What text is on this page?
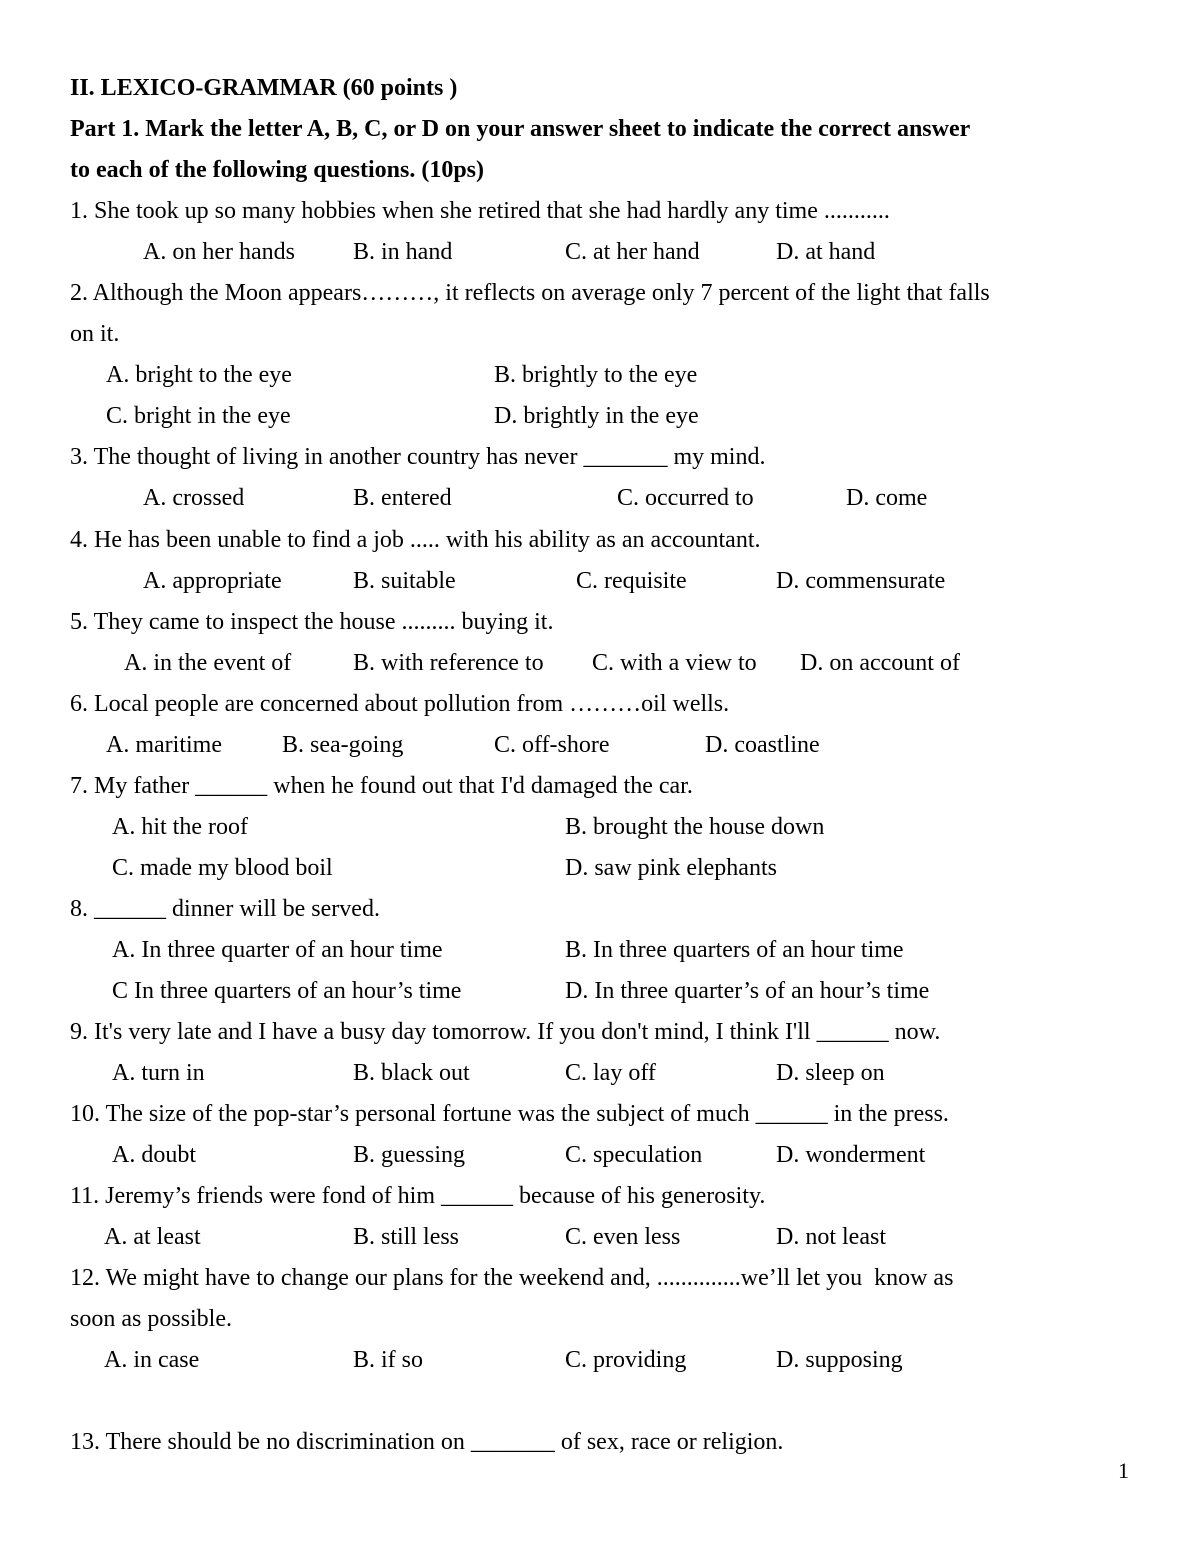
II. LEXICO-GRAMMAR (60 points )
Part 1. Mark the letter A, B, C, or D on your answer sheet to indicate the correct answer
to each of the following questions. (10ps)
1. She took up so many hobbies when she retired that she had hardly any time ...........
A. on her hands B. in hand	C. at her hand	D. at hand
2. Although the Moon appears………, it reflects on average only 7 percent of the light that falls
on it.
A. bright to the eye	B. brightly to the eye
C. bright in the eye	D. brightly in the eye
3. The thought of living in another country has never _______ my mind.
A. crossed	B. entered	C. occurred to	D. come
4. He has been unable to find a job ..... with his ability as an accountant.
A. appropriate	B. suitable	C. requisite	D. commensurate
5. They came to inspect the house ......... buying it.
A. in the event of	B. with reference to C. with a view to D. on account of
6. Local people are concerned about pollution from ………oil wells.
A. maritime	B. sea-going	C. off-shore	D. coastline
7. My father ______ when he found out that I'd damaged the car.
A. hit the roof	B. brought the house down
C. made my blood boil	D. saw pink elephants
8. ______ dinner will be served.
A. In three quarter of an hour time	B. In three quarters of an hour time
C In three quarters of an hour’s time	D. In three quarter’s of an hour’s time
9. It's very late and I have a busy day tomorrow. If you don't mind, I think I'll ______ now.
A. turn in	B. black out	C. lay off	D. sleep on
10. The size of the pop-star’s personal fortune was the subject of much ______ in the press.
A. doubt	B. guessing	C. speculation	D. wonderment
11. Jeremy’s friends were fond of him ______ because of his generosity.
A. at least	B. still less	C. even less	D. not least
12. We might have to change our plans for the weekend and, ..............we’ll let you  know as
soon as possible.
A. in case	B. if so	C. providing	D. supposing
13. There should be no discrimination on _______ of sex, race or religion.
1
